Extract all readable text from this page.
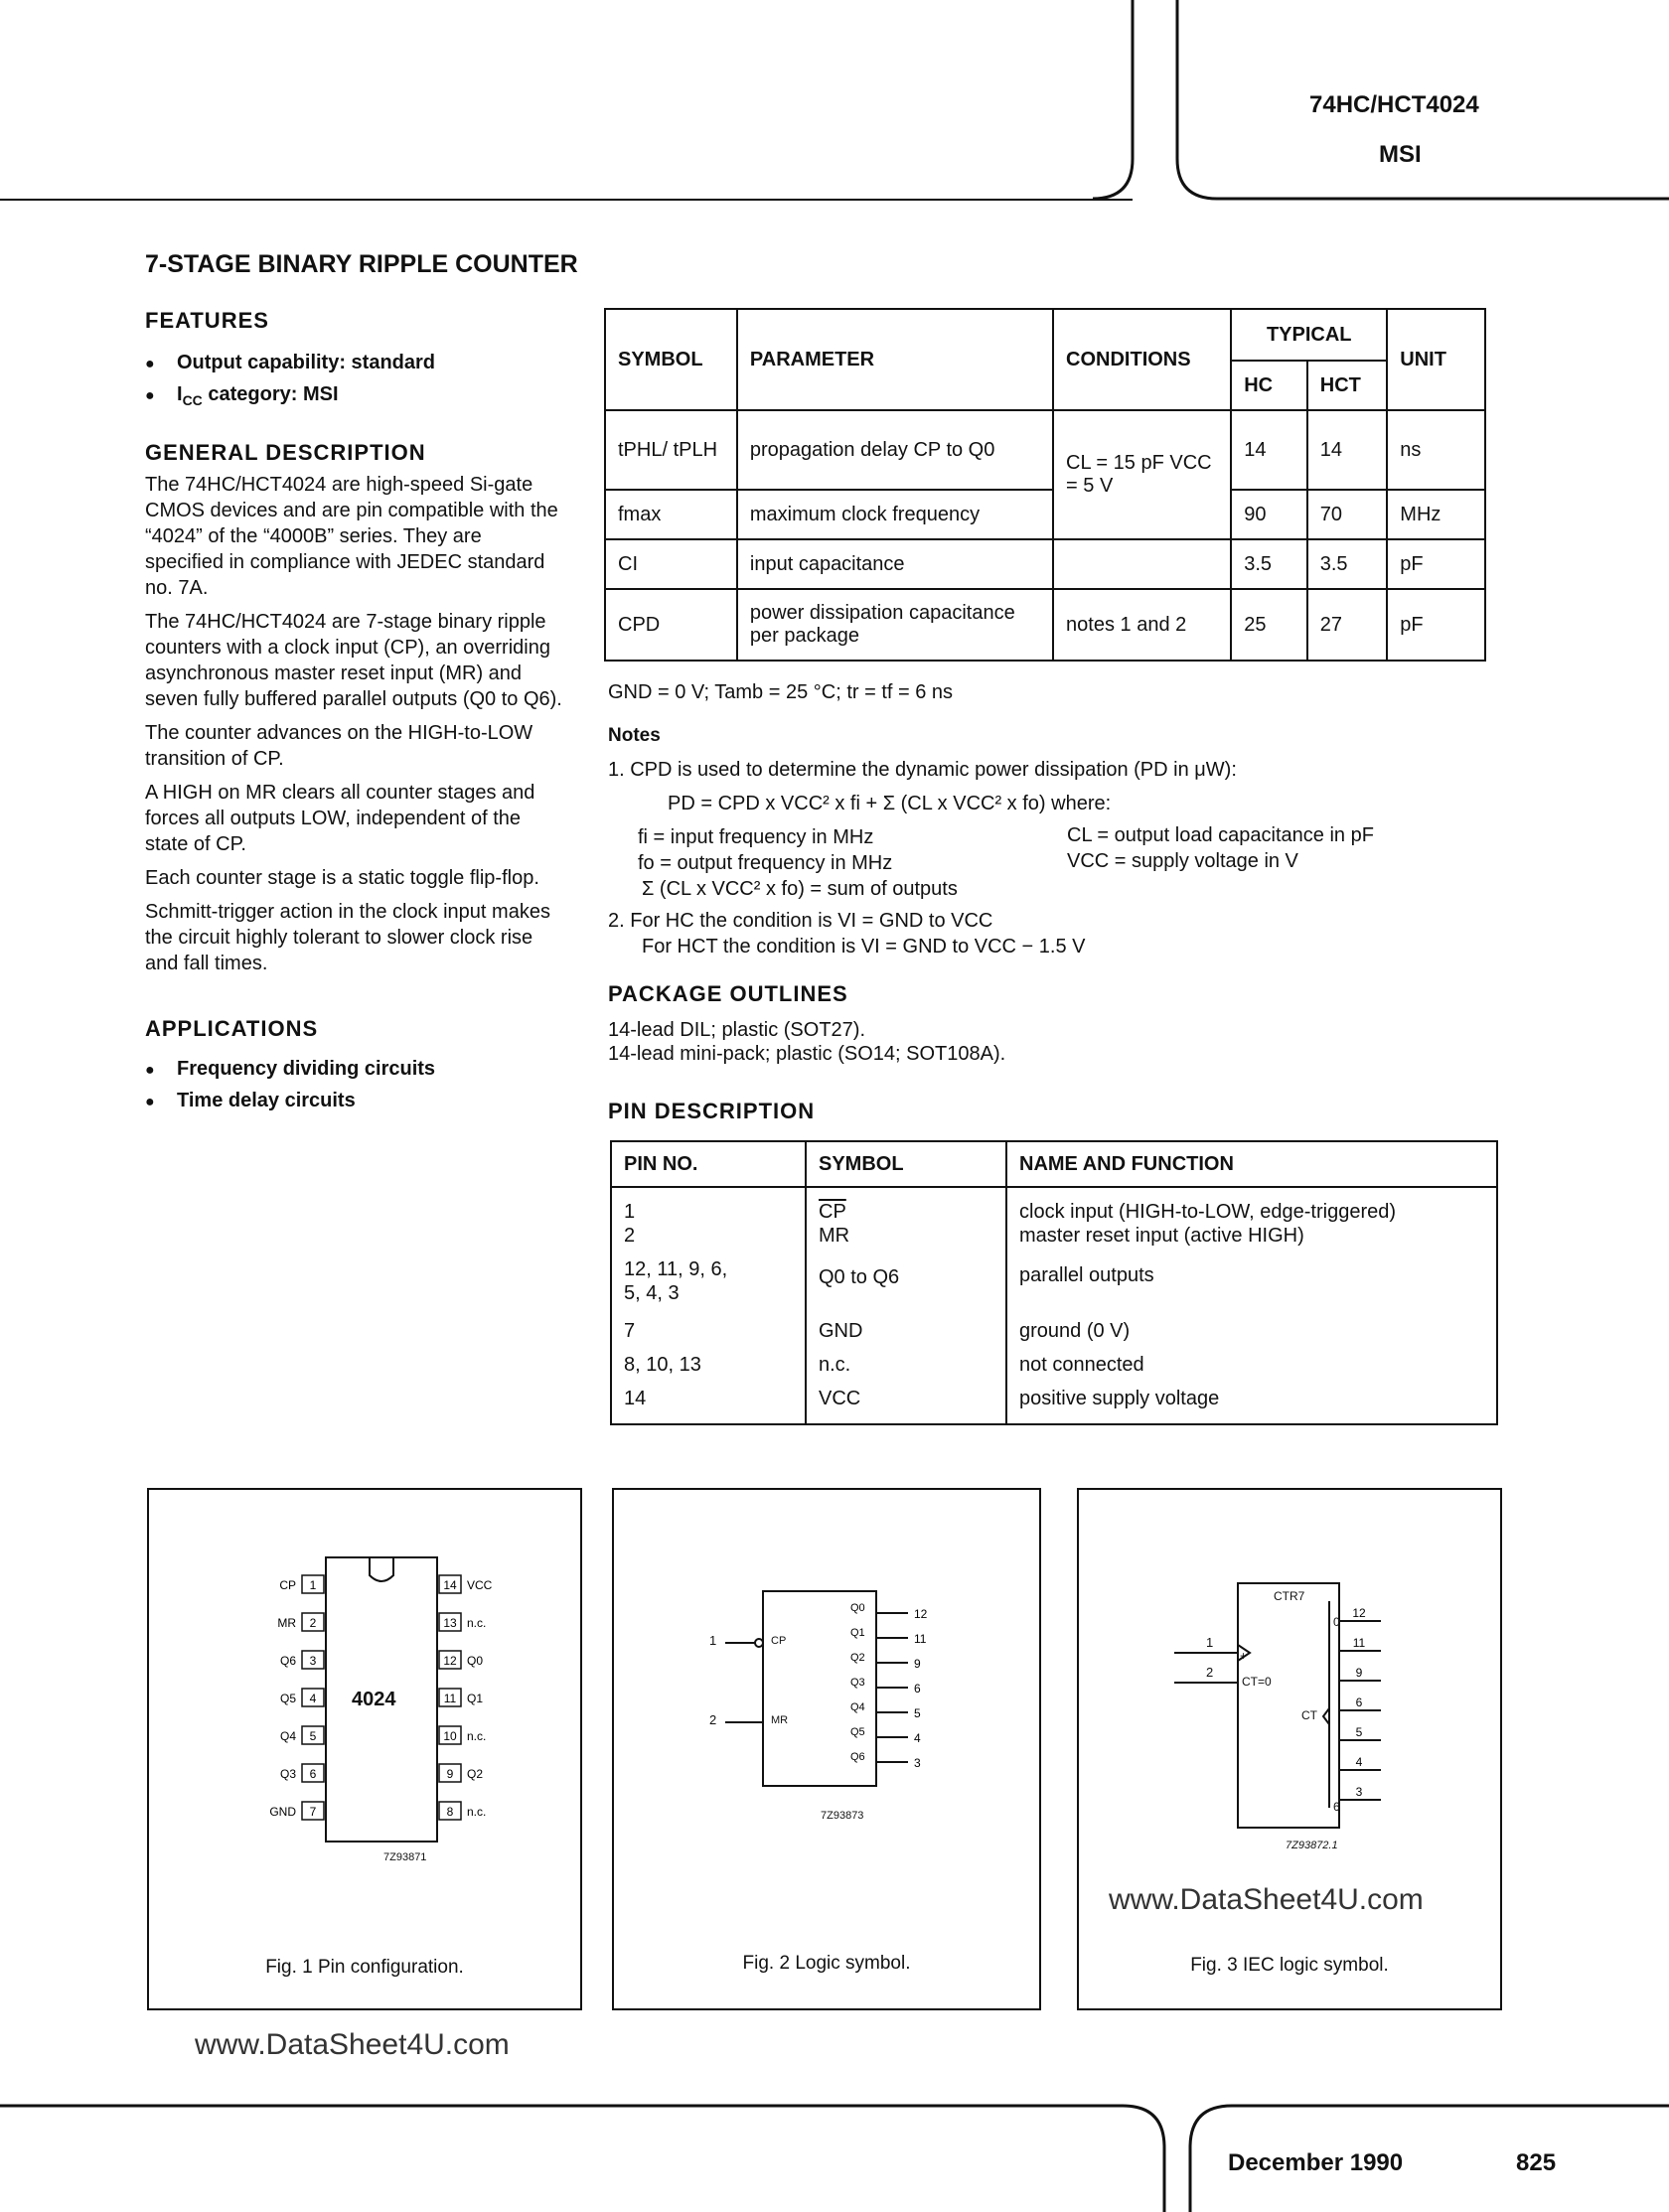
74HC/HCT4024
MSI
7-STAGE BINARY RIPPLE COUNTER
FEATURES
● Output capability: standard
● $I_{CC}$ category: MSI
GENERAL DESCRIPTION

The 74HC/HCT4024 are high-speed Si-gate CMOS devices and are pin compatible with the “4024” of the “4000B” series. They are specified in compliance with JEDEC standard no. 7A.

The 74HC/HCT4024 are 7-stage binary ripple counters with a clock input (CP), an overriding asynchronous master reset input (MR) and seven fully buffered parallel outputs (Q0 to Q6).

The counter advances on the HIGH-to-LOW transition of CP.

A HIGH on MR clears all counter stages and forces all outputs LOW, independent of the state of CP.

Each counter stage is a static toggle flip-flop.

Schmitt-trigger action in the clock input makes the circuit highly tolerant to slower clock rise and fall times.

APPLICATIONS
● Frequency dividing circuits
● Time delay circuits
SYMBOL	PARAMETER	CONDITIONS	TYPICAL		UNIT
			HC	HCT	
tPHL/ tPLH	propagation delay CP to Q0	CL = 15 pF VCC = 5 V	14	14	ns
fmax	maximum clock frequency		90	70	MHz
CI	input capacitance		3.5	3.5	pF
CPD	power dissipation capacitance per package	notes 1 and 2	25	27	pF
GND = 0 V; Tamb = 25 °C; tr = tf = 6 ns
Notes
1. CPD is used to determine the dynamic power dissipation (PD in μW):
PD = CPD x VCC² x fi + Σ (CL x VCC² x fo) where:
fi = input frequency in MHz
fo = output frequency in MHz
CL = output load capacitance in pF
VCC = supply voltage in V
Σ (CL x VCC² x fo) = sum of outputs
2. For HC the condition is VI = GND to VCC
For HCT the condition is VI = GND to VCC − 1.5 V
PACKAGE OUTLINES
14-lead DIL; plastic (SOT27).
14-lead mini-pack; plastic (SO14; SOT108A).
PIN DESCRIPTION
PIN NO.	SYMBOL	NAME AND FUNCTION
1	$\overline{CP}$	clock input (HIGH-to-LOW, edge-triggered)
2	MR	master reset input (active HIGH)
12, 11, 9, 6, 5, 4, 3	Q0 to Q6	parallel outputs
7	GND	ground (0 V)
8, 10, 13	n.c.	not connected
14	VCC	positive supply voltage
CP 1
MR 2
Q6 3
Q5 4
Q4 5
Q3 6
GND 7
14 VCC
13 n.c.
12 Q0
11 Q1
10 n.c.
9 Q2
8 n.c.
4024
7Z93871
Fig. 1 Pin configuration.
Q0	12
Q1	11
Q2	9
Q3	6
Q4	5
Q5	4
Q6	3
1	CP
2	MR
7Z93873
Fig. 2 Logic symbol.
12
11
9
6
5
4
3
CTR7
1
2
+
CT=0
CT
0
6
7Z93872.1
www.DataSheet4U.com
Fig. 3 IEC logic symbol.
www.DataSheet4U.com
December 1990	825
